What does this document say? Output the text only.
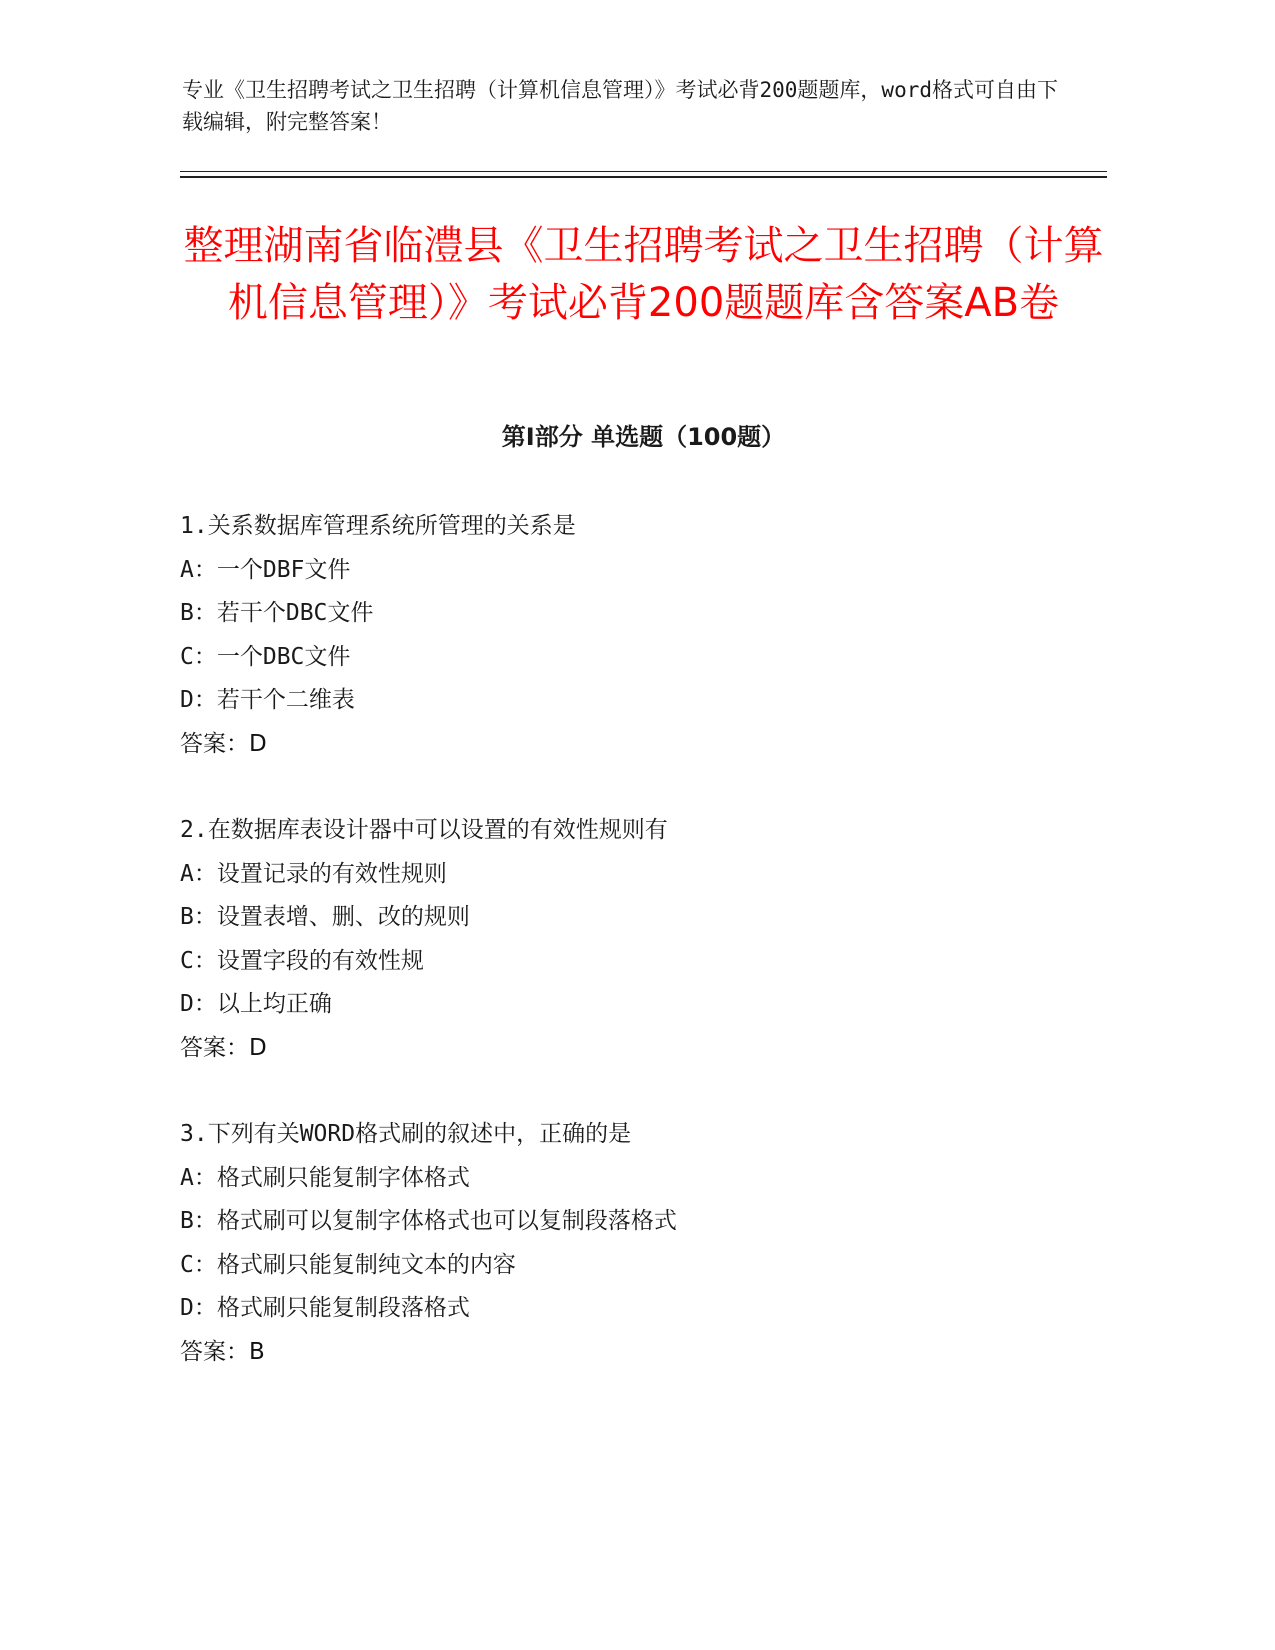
专业《卫生招聘考试之卫生招聘（计算机信息管理）》考试必背200题题库，word格式可自由下载编辑，附完整答案！
整理湖南省临澧县《卫生招聘考试之卫生招聘（计算机信息管理）》考试必背200题题库含答案AB卷
第Ⅰ部分 单选题（100题）
1.关系数据库管理系统所管理的关系是
A：一个DBF文件
B：若干个DBC文件
C：一个DBC文件
D：若干个二维表
答案：D
2.在数据库表设计器中可以设置的有效性规则有
A：设置记录的有效性规则
B：设置表增、删、改的规则
C：设置字段的有效性规
D：以上均正确
答案：D
3.下列有关WORD格式刷的叙述中，正确的是
A：格式刷只能复制字体格式
B：格式刷可以复制字体格式也可以复制段落格式
C：格式刷只能复制纯文本的内容
D：格式刷只能复制段落格式
答案：B
